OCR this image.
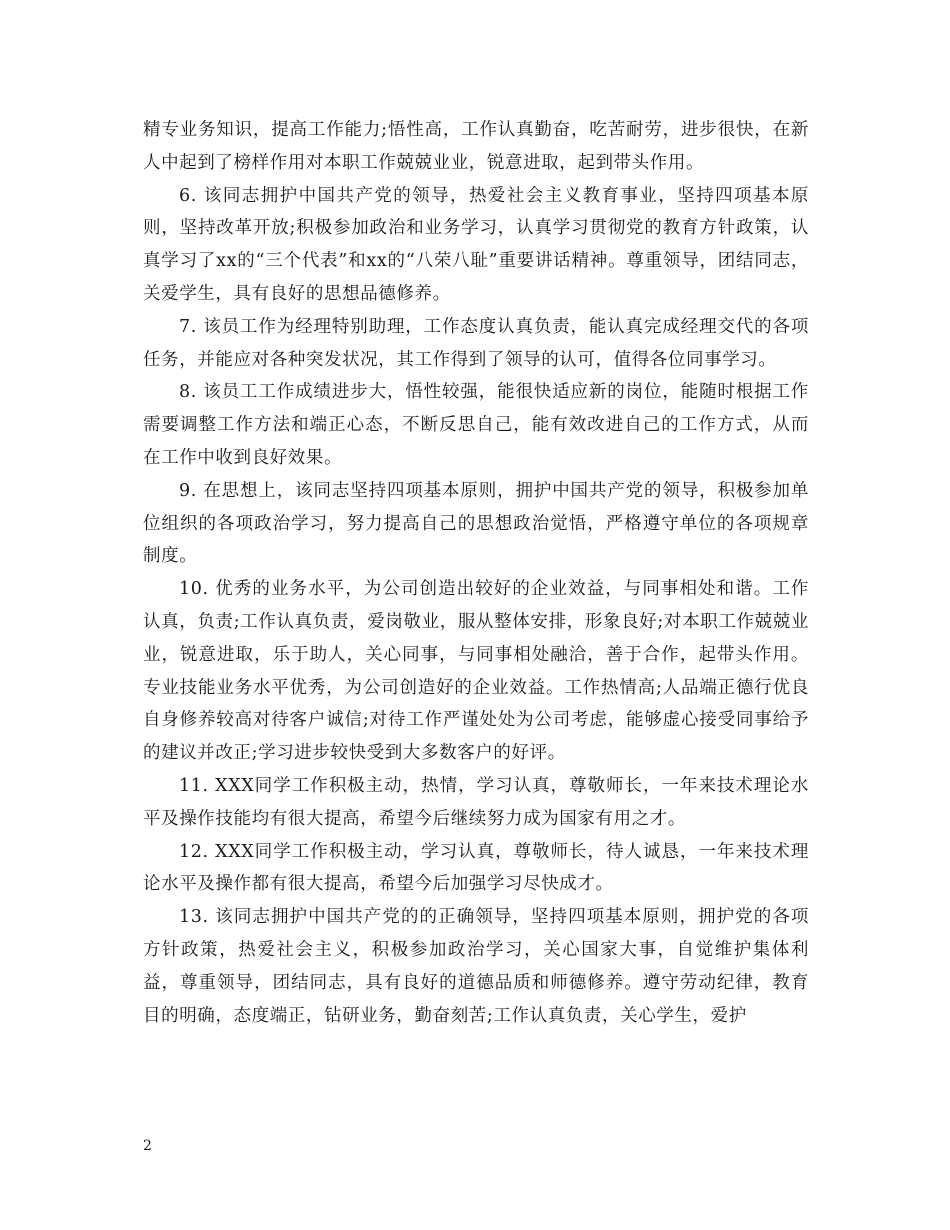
精专业务知识，提高工作能力;悟性高，工作认真勤奋，吃苦耐劳，进步很快，在新人中起到了榜样作用对本职工作兢兢业业，锐意进取，起到带头作用。

6. 该同志拥护中国共产党的领导，热爱社会主义教育事业，坚持四项基本原则，坚持改革开放;积极参加政治和业务学习，认真学习贯彻党的教育方针政策，认真学习了xx的“三个代表”和xx的“八荣八耻”重要讲话精神。尊重领导，团结同志，关爱学生，具有良好的思想品德修养。

7. 该员工作为经理特别助理，工作态度认真负责，能认真完成经理交代的各项任务，并能应对各种突发状况，其工作得到了领导的认可，值得各位同事学习。

8. 该员工工作成绩进步大，悟性较强，能很快适应新的岗位，能随时根据工作需要调整工作方法和端正心态，不断反思自己，能有效改进自己的工作方式，从而在工作中收到良好效果。

9. 在思想上，该同志坚持四项基本原则，拥护中国共产党的领导，积极参加单位组织的各项政治学习，努力提高自己的思想政治觉悟，严格遵守单位的各项规章制度。

10. 优秀的业务水平，为公司创造出较好的企业效益，与同事相处和谐。工作认真，负责;工作认真负责，爱岗敬业，服从整体安排，形象良好;对本职工作兢兢业业，锐意进取，乐于助人，关心同事，与同事相处融洽，善于合作，起带头作用。专业技能业务水平优秀，为公司创造好的企业效益。工作热情高;人品端正德行优良自身修养较高对待客户诚信;对待工作严谨处处为公司考虑，能够虚心接受同事给予的建议并改正;学习进步较快受到大多数客户的好评。

11. XXX同学工作积极主动，热情，学习认真，尊敬师长，一年来技术理论水平及操作技能均有很大提高，希望今后继续努力成为国家有用之才。

12. XXX同学工作积极主动，学习认真，尊敬师长，待人诚恳，一年来技术理论水平及操作都有很大提高，希望今后加强学习尽快成才。

13. 该同志拥护中国共产党的的正确领导，坚持四项基本原则，拥护党的各项方针政策，热爱社会主义，积极参加政治学习，关心国家大事，自觉维护集体利益，尊重领导，团结同志，具有良好的道德品质和师德修养。遵守劳动纪律，教育目的明确，态度端正，钻研业务，勤奋刻苦;工作认真负责，关心学生，爱护

2
